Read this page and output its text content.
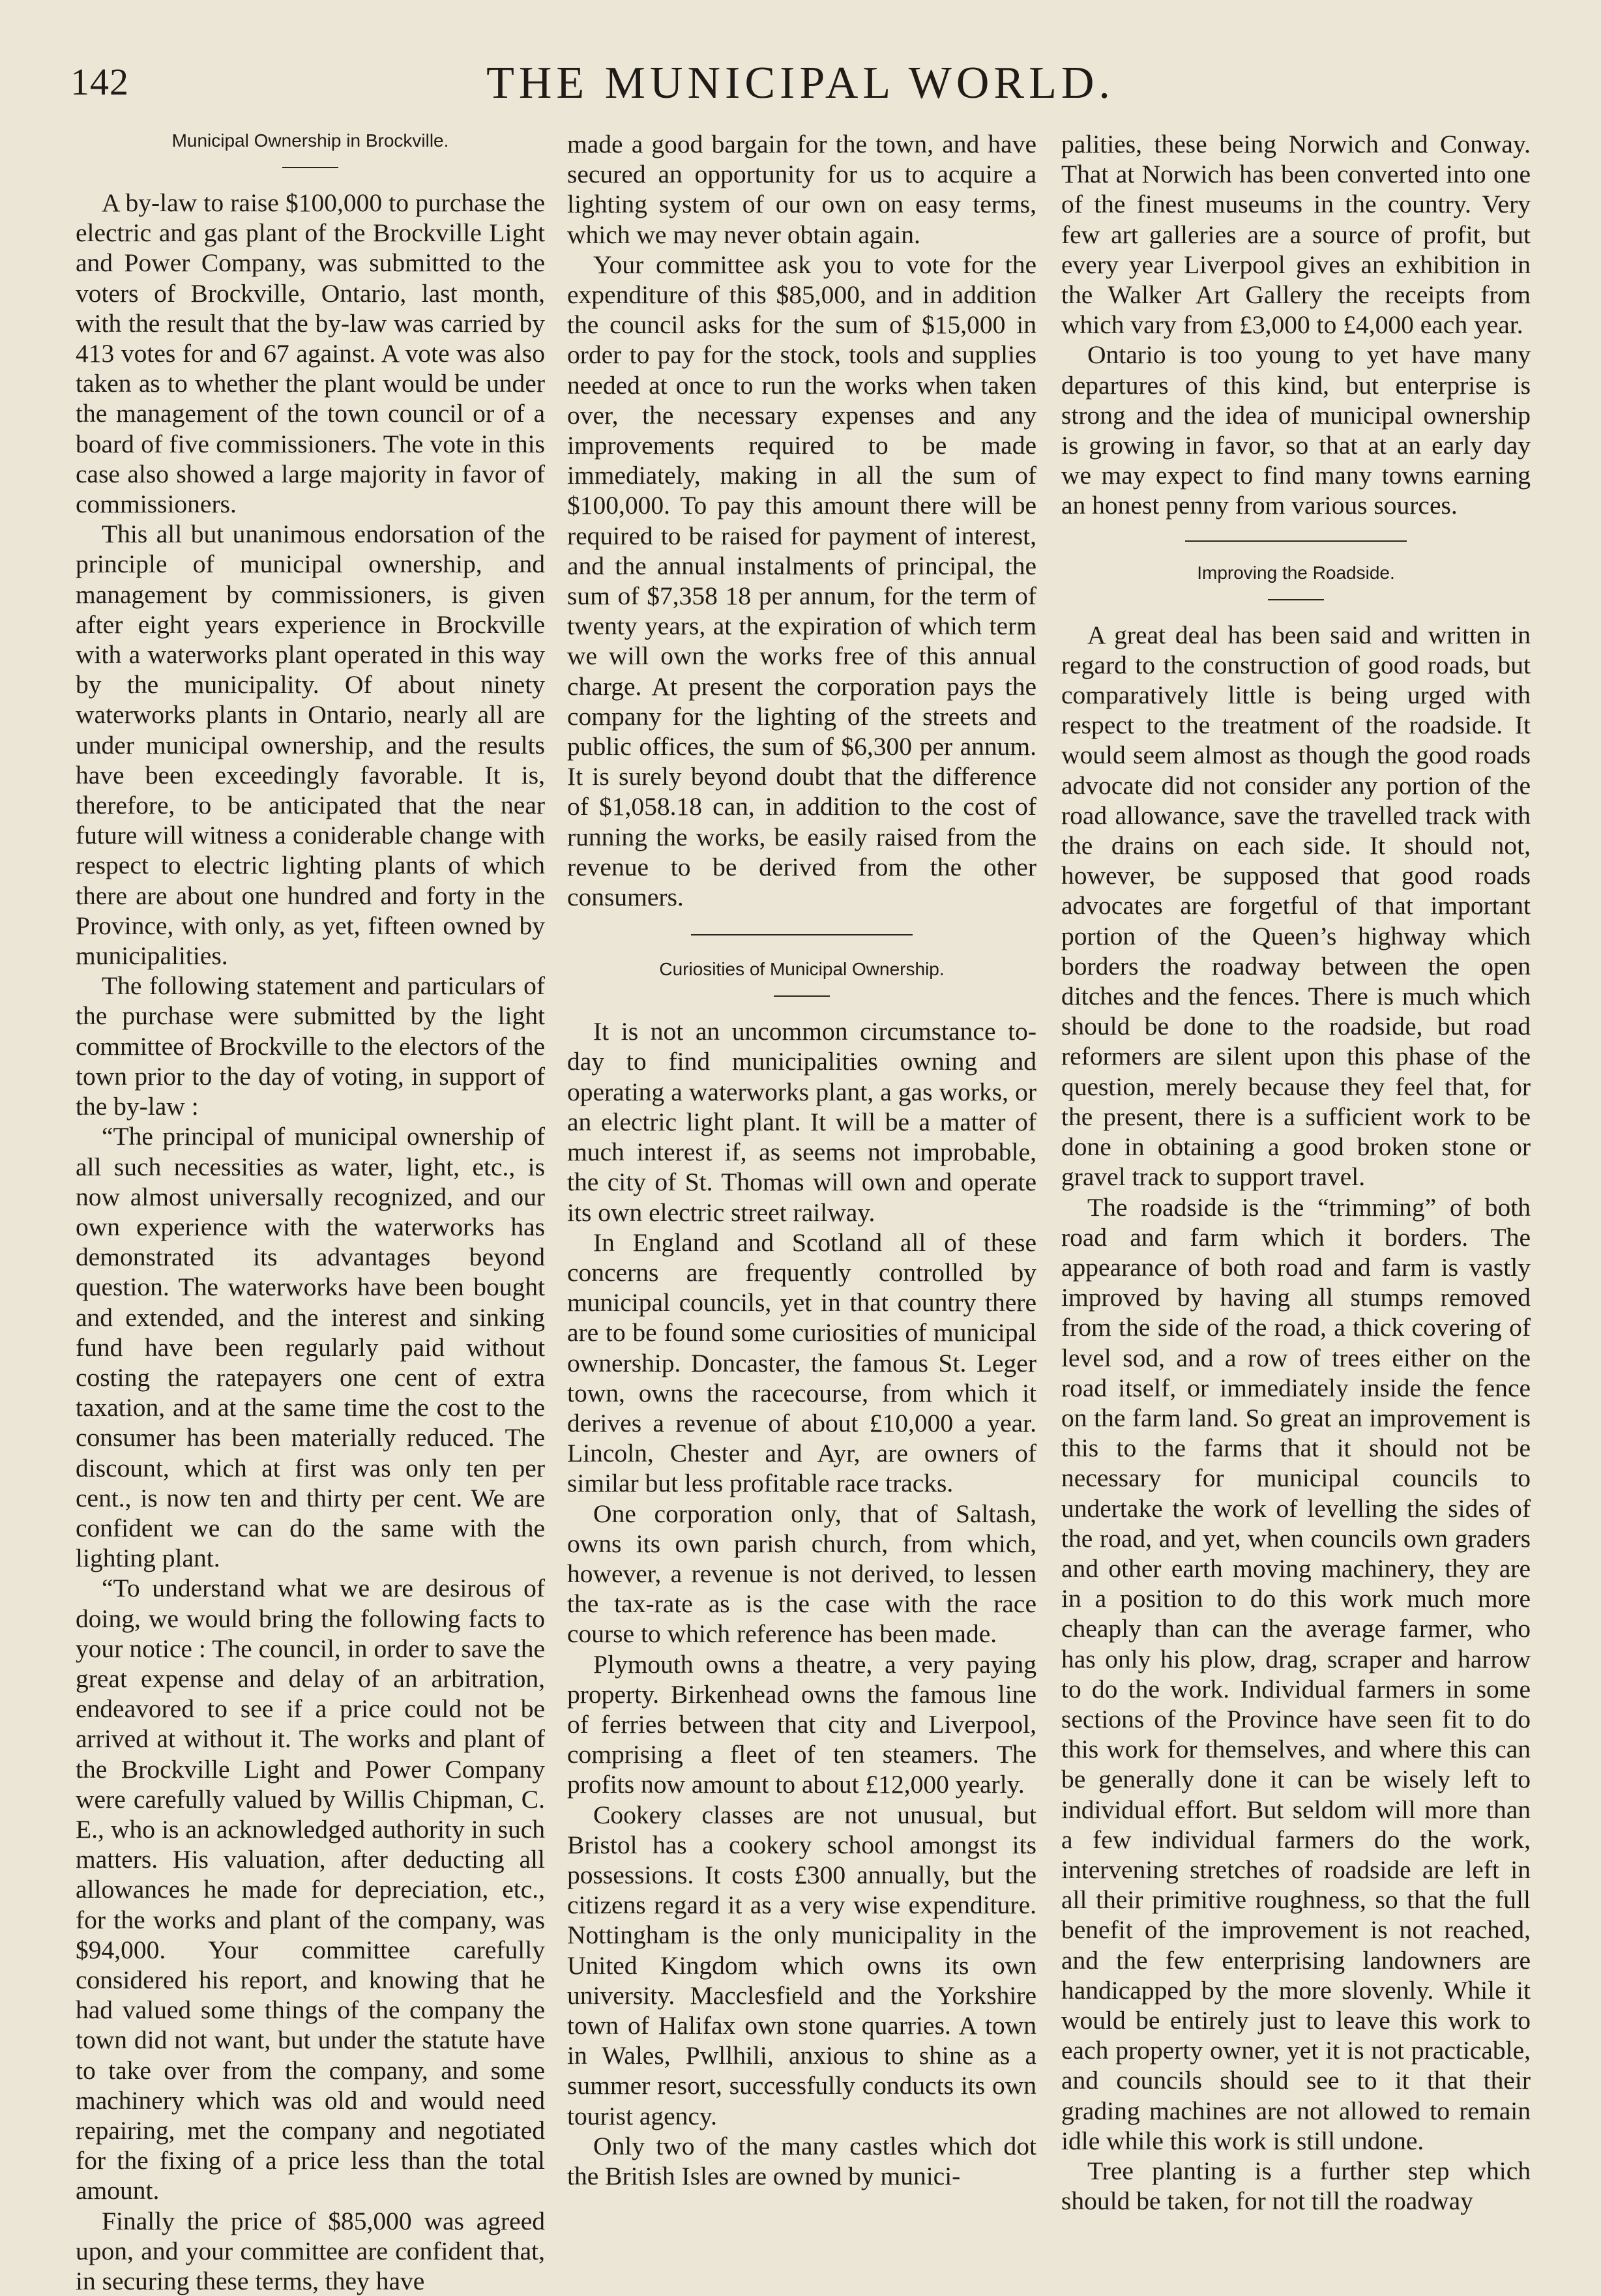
142	THE MUNICIPAL WORLD.

Municipal Ownership in Brockville.

A by-law to raise $100,000 to purchase the electric and gas plant of the Brockville Light and Power Company, was submitted to the voters of Brockville, Ontario, last month, with the result that the by-law was carried by 413 votes for and 67 against. A vote was also taken as to whether the plant would be under the management of the town council or of a board of five commissioners. The vote in this case also showed a large majority in favor of commissioners.

This all but unanimous endorsation of the principle of municipal ownership, and management by commissioners, is given after eight years experience in Brockville with a waterworks plant operated in this way by the municipality. Of about ninety waterworks plants in Ontario, nearly all are under municipal ownership, and the results have been exceedingly favorable. It is, therefore, to be anticipated that the near future will witness a coniderable change with respect to electric lighting plants of which there are about one hundred and forty in the Province, with only, as yet, fifteen owned by municipalities.

The following statement and particulars of the purchase were submitted by the light committee of Brockville to the electors of the town prior to the day of voting, in support of the by-law :

“The principal of municipal ownership of all such necessities as water, light, etc., is now almost universally recognized, and our own experience with the waterworks has demonstrated its advantages beyond question. The waterworks have been bought and extended, and the interest and sinking fund have been regularly paid without costing the ratepayers one cent of extra taxation, and at the same time the cost to the consumer has been materially reduced. The discount, which at first was only ten per cent., is now ten and thirty per cent. We are confident we can do the same with the lighting plant.

“To understand what we are desirous of doing, we would bring the following facts to your notice : The council, in order to save the great expense and delay of an arbitration, endeavored to see if a price could not be arrived at without it. The works and plant of the Brockville Light and Power Company were carefully valued by Willis Chipman, C. E., who is an acknowledged authority in such matters. His valuation, after deducting all allowances he made for depreciation, etc., for the works and plant of the company, was $94,000. Your committee carefully considered his report, and knowing that he had valued some things of the company the town did not want, but under the statute have to take over from the company, and some machinery which was old and would need repairing, met the company and negotiated for the fixing of a price less than the total amount.

Finally the price of $85,000 was agreed upon, and your committee are confident that, in securing these terms, they have

made a good bargain for the town, and have secured an opportunity for us to acquire a lighting system of our own on easy terms, which we may never obtain again.

Your committee ask you to vote for the expenditure of this $85,000, and in addition the council asks for the sum of $15,000 in order to pay for the stock, tools and supplies needed at once to run the works when taken over, the necessary expenses and any improvements required to be made immediately, making in all the sum of $100,000. To pay this amount there will be required to be raised for payment of interest, and the annual instalments of principal, the sum of $7,358 18 per annum, for the term of twenty years, at the expiration of which term we will own the works free of this annual charge. At present the corporation pays the company for the lighting of the streets and public offices, the sum of $6,300 per annum. It is surely beyond doubt that the difference of $1,058.18 can, in addition to the cost of running the works, be easily raised from the revenue to be derived from the other consumers.

Curiosities of Municipal Ownership.

It is not an uncommon circumstance to-day to find municipalities owning and operating a waterworks plant, a gas works, or an electric light plant. It will be a matter of much interest if, as seems not improbable, the city of St. Thomas will own and operate its own electric street railway.

In England and Scotland all of these concerns are frequently controlled by municipal councils, yet in that country there are to be found some curiosities of municipal ownership. Doncaster, the famous St. Leger town, owns the racecourse, from which it derives a revenue of about £10,000 a year. Lincoln, Chester and Ayr, are owners of similar but less profitable race tracks.

One corporation only, that of Saltash, owns its own parish church, from which, however, a revenue is not derived, to lessen the tax-rate as is the case with the race course to which reference has been made.

Plymouth owns a theatre, a very paying property. Birkenhead owns the famous line of ferries between that city and Liverpool, comprising a fleet of ten steamers. The profits now amount to about £12,000 yearly.

Cookery classes are not unusual, but Bristol has a cookery school amongst its possessions. It costs £300 annually, but the citizens regard it as a very wise expenditure. Nottingham is the only municipality in the United Kingdom which owns its own university. Macclesfield and the Yorkshire town of Halifax own stone quarries. A town in Wales, Pwllhili, anxious to shine as a summer resort, successfully conducts its own tourist agency.

Only two of the many castles which dot the British Isles are owned by munici-

palities, these being Norwich and Conway. That at Norwich has been converted into one of the finest museums in the country. Very few art galleries are a source of profit, but every year Liverpool gives an exhibition in the Walker Art Gallery the receipts from which vary from £3,000 to £4,000 each year.

Ontario is too young to yet have many departures of this kind, but enterprise is strong and the idea of municipal ownership is growing in favor, so that at an early day we may expect to find many towns earning an honest penny from various sources.

Improving the Roadside.

A great deal has been said and written in regard to the construction of good roads, but comparatively little is being urged with respect to the treatment of the roadside. It would seem almost as though the good roads advocate did not consider any portion of the road allowance, save the travelled track with the drains on each side. It should not, however, be supposed that good roads advocates are forgetful of that important portion of the Queen’s highway which borders the roadway between the open ditches and the fences. There is much which should be done to the roadside, but road reformers are silent upon this phase of the question, merely because they feel that, for the present, there is a sufficient work to be done in obtaining a good broken stone or gravel track to support travel.

The roadside is the “trimming” of both road and farm which it borders. The appearance of both road and farm is vastly improved by having all stumps removed from the side of the road, a thick covering of level sod, and a row of trees either on the road itself, or immediately inside the fence on the farm land. So great an improvement is this to the farms that it should not be necessary for municipal councils to undertake the work of levelling the sides of the road, and yet, when councils own graders and other earth moving machinery, they are in a position to do this work much more cheaply than can the average farmer, who has only his plow, drag, scraper and harrow to do the work. Individual farmers in some sections of the Province have seen fit to do this work for themselves, and where this can be generally done it can be wisely left to individual effort. But seldom will more than a few individual farmers do the work, intervening stretches of roadside are left in all their primitive roughness, so that the full benefit of the improvement is not reached, and the few enterprising landowners are handicapped by the more slovenly. While it would be entirely just to leave this work to each property owner, yet it is not practicable, and councils should see to it that their grading machines are not allowed to remain idle while this work is still undone.

Tree planting is a further step which should be taken, for not till the roadway
